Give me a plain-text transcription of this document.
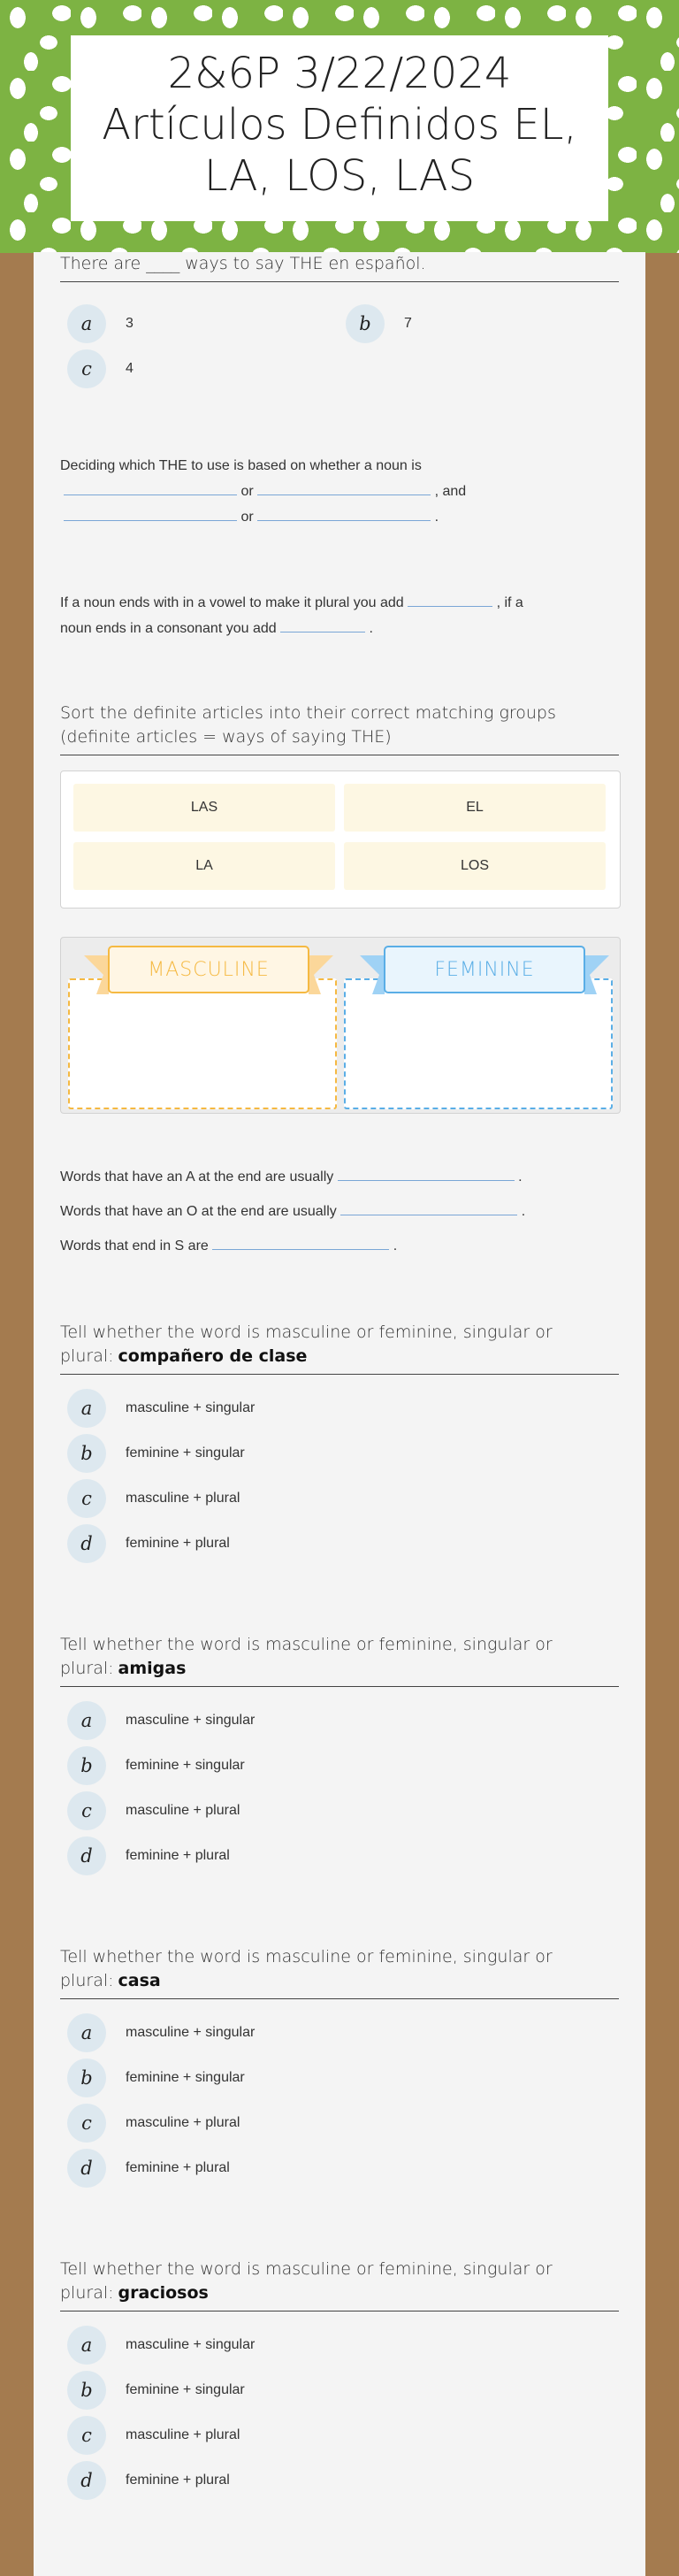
2&6P 3/22/2024
Artículos Definidos EL,
LA, LOS, LAS
There are ____ ways to say THE en español.
a	3	b	7
c	4
Deciding which THE to use is based on whether a noun is
or	, and
or	.
If a noun ends with in a vowel to make it plural you add	, if a
noun ends in a consonant you add	.
Sort the definite articles into their correct matching groups (definite articles = ways of saying THE)
LAS	EL
LA	LOS
MASCULINE	FEMININE
Words that have an A at the end are usually	.
Words that have an O at the end are usually	.
Words that end in S are	.
Tell whether the word is masculine or feminine, singular or plural: compañero de clase
a	masculine + singular
b	feminine + singular
c	masculine + plural
d	feminine + plural
Tell whether the word is masculine or feminine, singular or plural: amigas
a	masculine + singular
b	feminine + singular
c	masculine + plural
d	feminine + plural
Tell whether the word is masculine or feminine, singular or plural: casa
a	masculine + singular
b	feminine + singular
c	masculine + plural
d	feminine + plural
Tell whether the word is masculine or feminine, singular or plural: graciosos
a	masculine + singular
b	feminine + singular
c	masculine + plural
d	feminine + plural
